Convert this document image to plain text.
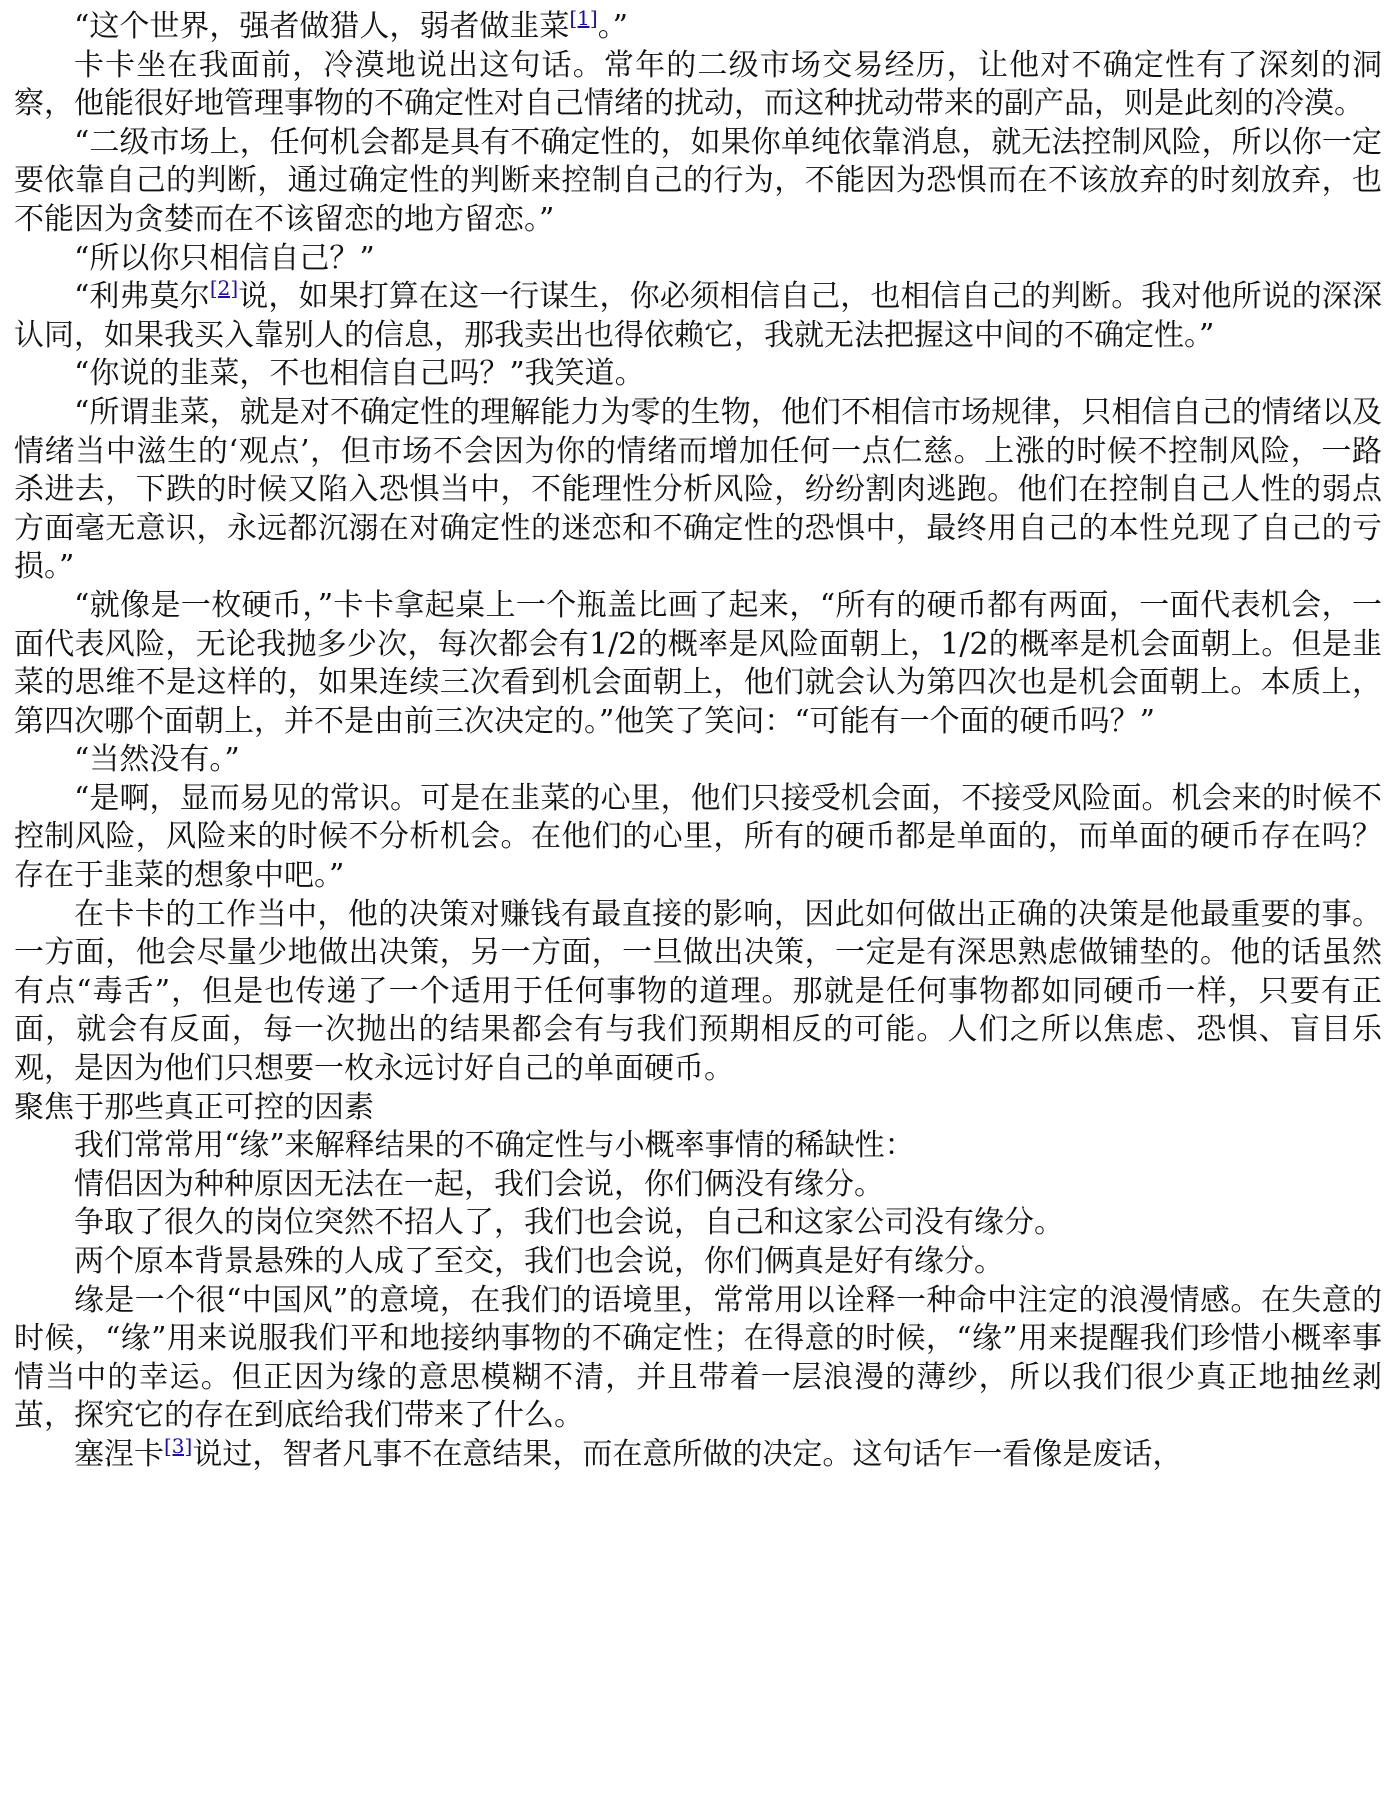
“这个世界，强者做猎人，弱者做韭菜[1]。”

卡卡坐在我面前，冷漠地说出这句话。常年的二级市场交易经历，让他对不确定性有了深刻的洞察，他能很好地管理事物的不确定性对自己情绪的扰动，而这种扰动带来的副产品，则是此刻的冷漠。

“二级市场上，任何机会都是具有不确定性的，如果你单纯依靠消息，就无法控制风险，所以你一定要依靠自己的判断，通过确定性的判断来控制自己的行为，不能因为恐惧而在不该放弃的时刻放弃，也不能因为贪婪而在不该留恋的地方留恋。”

“所以你只相信自己？”

“利弗莫尔[2]说，如果打算在这一行谋生，你必须相信自己，也相信自己的判断。我对他所说的深深认同，如果我买入靠别人的信息，那我卖出也得依赖它，我就无法把握这中间的不确定性。”

“你说的韭菜，不也相信自己吗？”我笑道。

“所谓韭菜，就是对不确定性的理解能力为零的生物，他们不相信市场规律，只相信自己的情绪以及情绪当中滋生的‘观点’，但市场不会因为你的情绪而增加任何一点仁慈。上涨的时候不控制风险，一路杀进去，下跌的时候又陷入恐惧当中，不能理性分析风险，纷纷割肉逃跑。他们在控制自己人性的弱点方面毫无意识，永远都沉溺在对确定性的迷恋和不确定性的恐惧中，最终用自己的本性兑现了自己的亏损。”

“就像是一枚硬币，”卡卡拿起桌上一个瓶盖比画了起来，“所有的硬币都有两面，一面代表机会，一面代表风险，无论我抛多少次，每次都会有1/2的概率是风险面朝上，1/2的概率是机会面朝上。但是韭菜的思维不是这样的，如果连续三次看到机会面朝上，他们就会认为第四次也是机会面朝上。本质上，第四次哪个面朝上，并不是由前三次决定的。”他笑了笑问：“可能有一个面的硬币吗？”

“当然没有。”

“是啊，显而易见的常识。可是在韭菜的心里，他们只接受机会面，不接受风险面。机会来的时候不控制风险，风险来的时候不分析机会。在他们的心里，所有的硬币都是单面的，而单面的硬币存在吗？存在于韭菜的想象中吧。”

在卡卡的工作当中，他的决策对赚钱有最直接的影响，因此如何做出正确的决策是他最重要的事。一方面，他会尽量少地做出决策，另一方面，一旦做出决策，一定是有深思熟虑做铺垫的。他的话虽然有点“毒舌”，但是也传递了一个适用于任何事物的道理。那就是任何事物都如同硬币一样，只要有正面，就会有反面，每一次抛出的结果都会有与我们预期相反的可能。人们之所以焦虑、恐惧、盲目乐观，是因为他们只想要一枚永远讨好自己的单面硬币。

聚焦于那些真正可控的因素

我们常常用“缘”来解释结果的不确定性与小概率事情的稀缺性：

情侣因为种种原因无法在一起，我们会说，你们俩没有缘分。

争取了很久的岗位突然不招人了，我们也会说，自己和这家公司没有缘分。

两个原本背景悬殊的人成了至交，我们也会说，你们俩真是好有缘分。

缘是一个很“中国风”的意境，在我们的语境里，常常用以诠释一种命中注定的浪漫情感。在失意的时候，“缘”用来说服我们平和地接纳事物的不确定性；在得意的时候，“缘”用来提醒我们珍惜小概率事情当中的幸运。但正因为缘的意思模糊不清，并且带着一层浪漫的薄纱，所以我们很少真正地抽丝剥茧，探究它的存在到底给我们带来了什么。

塞涅卡[3]说过，智者凡事不在意结果，而在意所做的决定。这句话乍一看像是废话，
